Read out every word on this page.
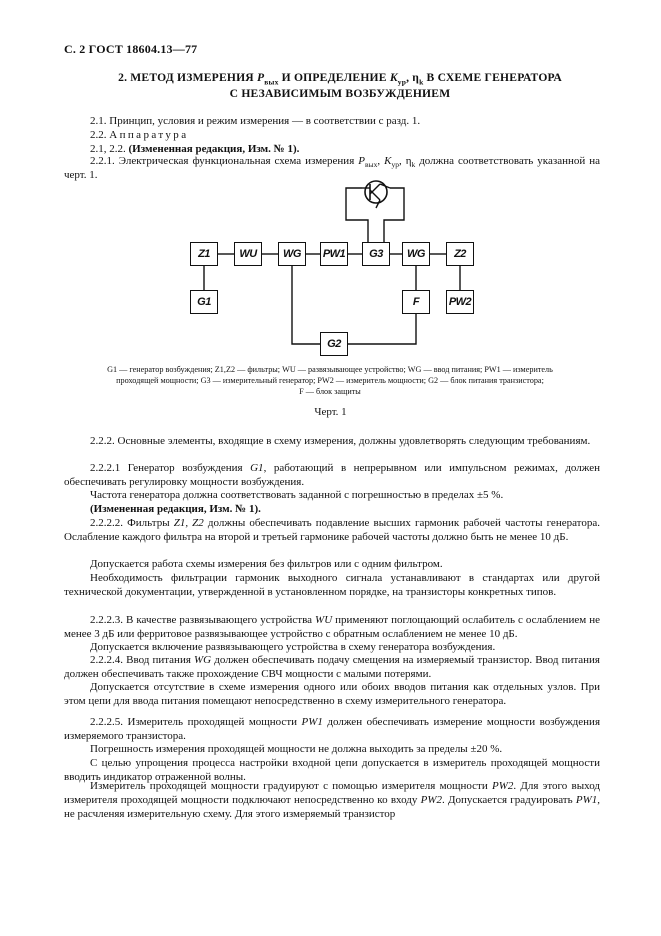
С. 2 ГОСТ 18604.13—77
2. МЕТОД ИЗМЕРЕНИЯ $P_{вых}$ И ОПРЕДЕЛЕНИЕ $K_{ур}$, $\eta_k$ В СХЕМЕ ГЕНЕРАТОРА
С НЕЗАВИСИМЫМ ВОЗБУЖДЕНИЕМ
2.1. Принцип, условия и режим измерения — в соответствии с разд. 1.
2.2. Аппаратура
2.1, 2.2. (Измененная редакция, Изм. № 1).
2.2.1. Электрическая функциональная схема измерения $P_{вых}$, $K_{ур}$, $\eta_k$ должна соответствовать указанной на черт. 1.
Z1	WU	WG	PW1	G3	WG	Z2
G1	F	PW2
G2
G1 — генератор возбуждения; Z1,Z2 — фильтры; WU — развязывающее устройство; WG — ввод питания; PW1 — измеритель
проходящей мощности; G3 — измерительный генератор; PW2 — измеритель мощности; G2 — блок питания транзистора;
F — блок защиты
Черт. 1
2.2.2. Основные элементы, входящие в схему измерения, должны удовлетворять следующим требованиям.
2.2.2.1 Генератор возбуждения G1, работающий в непрерывном или импульсном режимах, должен обеспечивать регулировку мощности возбуждения.
Частота генератора должна соответствовать заданной с погрешностью в пределах ±5 %.
(Измененная редакция, Изм. № 1).
2.2.2.2. Фильтры Z1, Z2 должны обеспечивать подавление высших гармоник рабочей частоты генератора. Ослабление каждого фильтра на второй и третьей гармонике рабочей частоты должно быть не менее 10 дБ.
Допускается работа схемы измерения без фильтров или с одним фильтром.
Необходимость фильтрации гармоник выходного сигнала устанавливают в стандартах или другой технической документации, утвержденной в установленном порядке, на транзисторы конкретных типов.
2.2.2.3. В качестве развязывающего устройства WU применяют поглощающий ослабитель с ослаблением не менее 3 дБ или ферритовое развязывающее устройство с обратным ослаблением не менее 10 дБ.
Допускается включение развязывающего устройства в схему генератора возбуждения.
2.2.2.4. Ввод питания WG должен обеспечивать подачу смещения на измеряемый транзистор. Ввод питания должен обеспечивать также прохождение СВЧ мощности с малыми потерями.
Допускается отсутствие в схеме измерения одного или обоих вводов питания как отдельных узлов. При этом цепи для ввода питания помещают непосредственно в схему измерительного генератора.
2.2.2.5. Измеритель проходящей мощности PW1 должен обеспечивать измерение мощности возбуждения измеряемого транзистора.
Погрешность измерения проходящей мощности не должна выходить за пределы ±20 %.
С целью упрощения процесса настройки входной цепи допускается в измеритель проходящей мощности вводить индикатор отраженной волны.
Измеритель проходящей мощности градуируют с помощью измерителя мощности PW2. Для этого выход измерителя проходящей мощности подключают непосредственно ко входу PW2. Допускается градуировать PW1, не расчленяя измерительную схему. Для этого измеряемый транзистор
